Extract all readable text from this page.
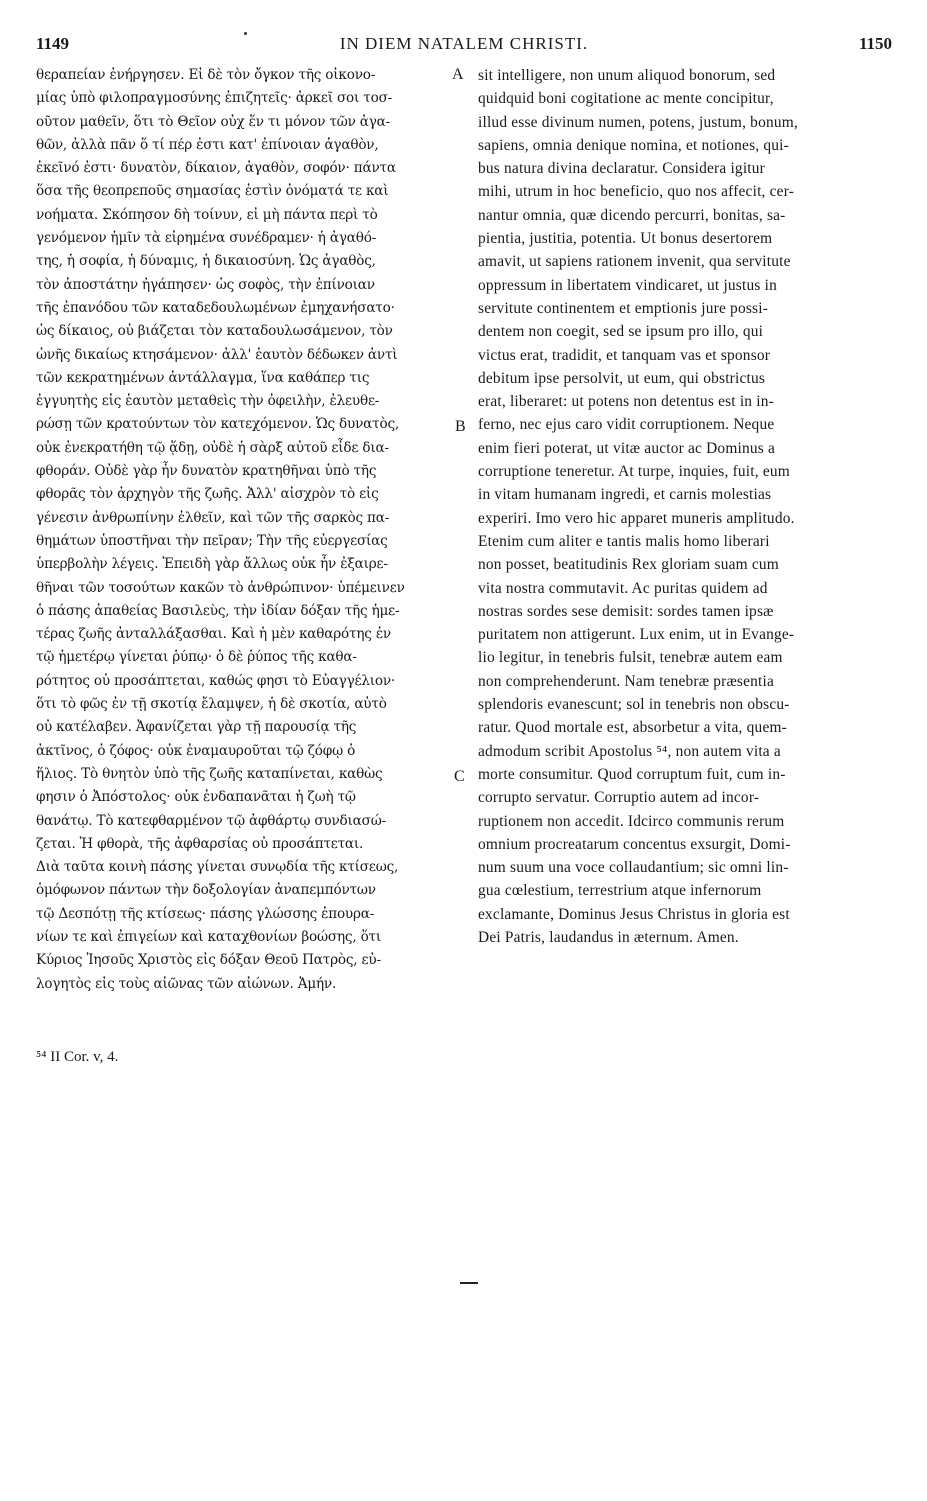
1149	IN DIEM NATALEM CHRISTI.	1150
θεραπείαν ἐνήργησεν. Εἰ δὲ τὸν ὄγκον τῆς οἰκονο-
μίας ὑπὸ φιλοπραγμοσύνης ἐπιζητεῖς· ἀρκεῖ σοι τοσ-
οῦτον μαθεῖν, ὅτι τὸ Θεῖον οὐχ ἕν τι μόνον τῶν ἀγα-
θῶν, ἀλλὰ πᾶν ὅ τί πέρ ἐστι κατ' ἐπίνοιαν ἀγαθὸν,
ἐκεῖνό ἐστι· δυνατὸν, δίκαιον, ἀγαθὸν, σοφόν· πάντα
ὅσα τῆς θεοπρεποῦς σημασίας ἐστὶν ὀνόματά τε καὶ
νοήματα. Σκόπησον δὴ τοίνυν, εἰ μὴ πάντα περὶ τὸ
γενόμενον ἡμῖν τὰ εἰρημένα συνέδραμεν· ἡ ἀγαθό-
της, ἡ σοφία, ἡ δύναμις, ἡ δικαιοσύνη. Ὡς ἀγαθὸς,
τὸν ἀποστάτην ἠγάπησεν· ὡς σοφὸς, τὴν ἐπίνοιαν
τῆς ἐπανόδου τῶν καταδεδουλωμένων ἐμηχανήσατο·
ὡς δίκαιος, οὐ βιάζεται τὸν καταδουλωσάμενον, τὸν
ὠνῆς δικαίως κτησάμενον· ἀλλ' ἑαυτὸν δέδωκεν ἀντὶ
τῶν κεκρατημένων ἀντάλλαγμα, ἵνα καθάπερ τις
ἐγγυητὴς εἰς ἑαυτὸν μεταθεὶς τὴν ὀφειλὴν, ἐλευθε-
ρώσῃ τῶν κρατούντων τὸν κατεχόμενον. Ὡς δυνατὸς,
οὐκ ἐνεκρατήθη τῷ ᾅδῃ, οὐδὲ ἡ σὰρξ αὐτοῦ εἶδε δια-
φθοράν. Οὐδὲ γὰρ ἦν δυνατὸν κρατηθῆναι ὑπὸ τῆς
φθορᾶς τὸν ἀρχηγὸν τῆς ζωῆς. Ἀλλ' αἰσχρὸν τὸ εἰς
γένεσιν ἀνθρωπίνην ἐλθεῖν, καὶ τῶν τῆς σαρκὸς πα-
θημάτων ὑποστῆναι τὴν πεῖραν; Τὴν τῆς εὐεργεσίας
ὑπερβολὴν λέγεις. Ἐπειδὴ γὰρ ἄλλως οὐκ ἦν ἐξαιρε-
θῆναι τῶν τοσούτων κακῶν τὸ ἀνθρώπινον· ὑπέμεινεν
ὁ πάσης ἀπαθείας Βασιλεὺς, τὴν ἰδίαν δόξαν τῆς ἡμε-
τέρας ζωῆς ἀνταλλάξασθαι. Καὶ ἡ μὲν καθαρότης ἐν
τῷ ἡμετέρῳ γίνεται ῥύπῳ· ὁ δὲ ῥύπος τῆς καθα-
ρότητος οὐ προσάπτεται, καθώς φησι τὸ Εὐαγγέλιον·
ὅτι τὸ φῶς ἐν τῇ σκοτίᾳ ἔλαμψεν, ἡ δὲ σκοτία, αὐτὸ
οὐ κατέλαβεν. Ἀφανίζεται γὰρ τῇ παρουσίᾳ τῆς
ἀκτῖνος, ὁ ζόφος· οὐκ ἐναμαυροῦται τῷ ζόφῳ ὁ
ἥλιος. Τὸ θνητὸν ὑπὸ τῆς ζωῆς καταπίνεται, καθὼς
φησιν ὁ Ἀπόστολος· οὐκ ἐνδαπανᾶται ἡ ζωὴ τῷ
θανάτῳ. Τὸ κατεφθαρμένον τῷ ἀφθάρτῳ συνδιασώ-
ζεται. Ἡ φθορὰ, τῆς ἀφθαρσίας οὐ προσάπτεται.
Διὰ ταῦτα κοινὴ πάσης γίνεται συνῳδία τῆς κτίσεως,
ὁμόφωνον πάντων τὴν δοξολογίαν ἀναπεμπόντων
τῷ Δεσπότῃ τῆς κτίσεως· πάσης γλώσσης ἐπουρα-
νίων τε καὶ ἐπιγείων καὶ καταχθονίων βοώσης, ὅτι
Κύριος Ἰησοῦς Χριστὸς εἰς δόξαν Θεοῦ Πατρὸς, εὐ-
λογητὸς εἰς τοὺς αἰῶνας τῶν αἰώνων. Ἀμήν.
A
B
C
sit intelligere, non unum aliquod bonorum, sed
quidquid boni cogitatione ac mente concipitur,
illud esse divinum numen, potens, justum, bonum,
sapiens, omnia denique nomina, et notiones, qui-
bus natura divina declaratur. Considera igitur
mihi, utrum in hoc beneficio, quo nos affecit, cer-
nantur omnia, quæ dicendo percurri, bonitas, sa-
pientia, justitia, potentia. Ut bonus desertorem
amavit, ut sapiens rationem invenit, qua servitute
oppressum in libertatem vindicaret, ut justus in
servitute continentem et emptionis jure possi-
dentem non coegit, sed se ipsum pro illo, qui
victus erat, tradidit, et tanquam vas et sponsor
debitum ipse persolvit, ut eum, qui obstrictus
erat, liberaret: ut potens non detentus est in in-
ferno, nec ejus caro vidit corruptionem. Neque
enim fieri poterat, ut vitæ auctor ac Dominus a
corruptione teneretur. At turpe, inquies, fuit, eum
in vitam humanam ingredi, et carnis molestias
experiri. Imo vero hic apparet muneris amplitudo.
Etenim cum aliter e tantis malis homo liberari
non posset, beatitudinis Rex gloriam suam cum
vita nostra commutavit. Ac puritas quidem ad
nostras sordes sese demisit: sordes tamen ipsæ
puritatem non attigerunt. Lux enim, ut in Evange-
lio legitur, in tenebris fulsit, tenebræ autem eam
non comprehenderunt. Nam tenebræ præsentia
splendoris evanescunt; sol in tenebris non obscu-
ratur. Quod mortale est, absorbetur a vita, quem-
admodum scribit Apostolus ⁵⁴, non autem vita a
morte consumitur. Quod corruptum fuit, cum in-
corrupto servatur. Corruptio autem ad incor-
ruptionem non accedit. Idcirco communis rerum
omnium procreatarum concentus exsurgit, Domi-
num suum una voce collaudantium; sic omni lin-
gua cœlestium, terrestrium atque infernorum
exclamante, Dominus Jesus Christus in gloria est
Dei Patris, laudandus in æternum. Amen.
⁵⁴ II Cor. v, 4.
